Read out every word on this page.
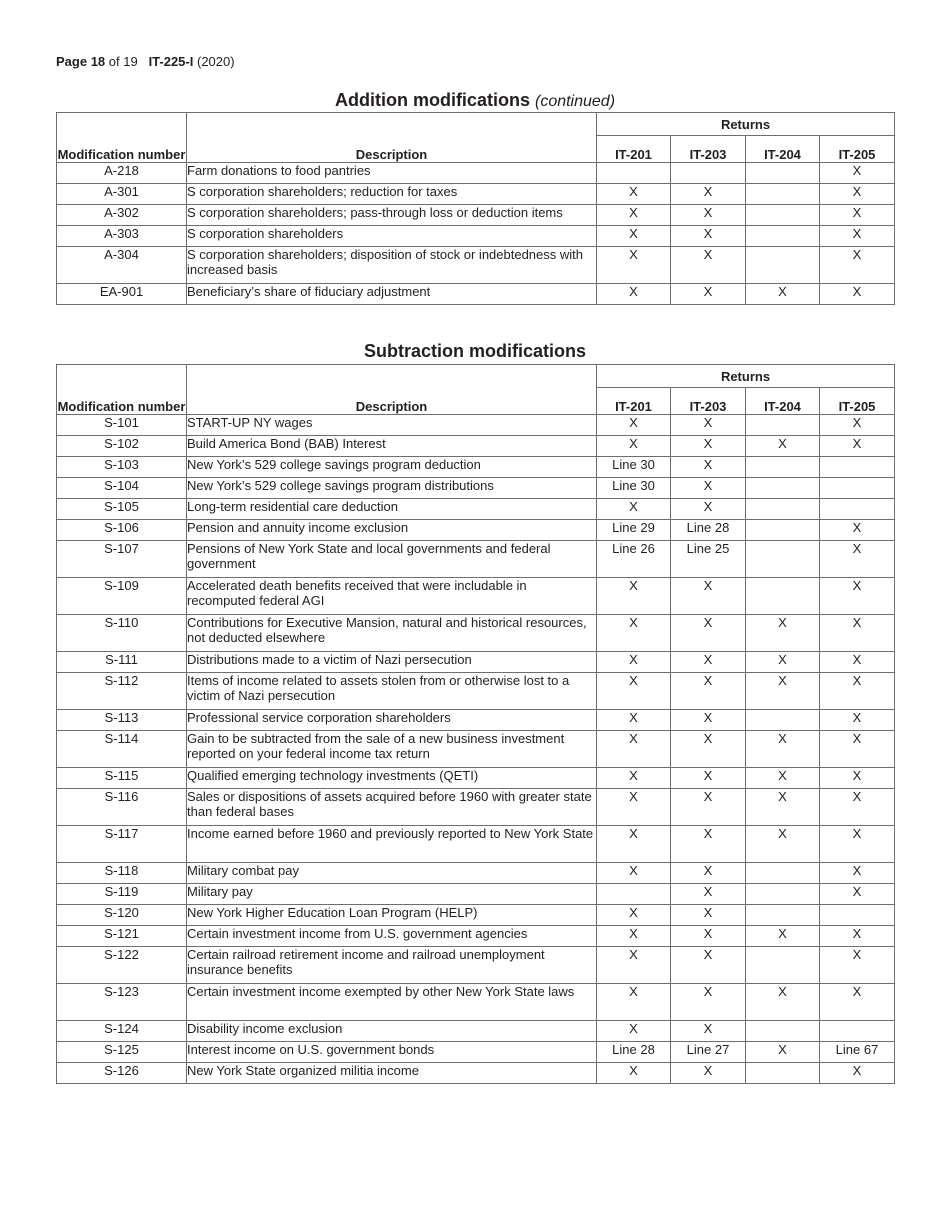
Page 18 of 19 IT-225-I (2020)
Addition modifications (continued)
Modification number	Description	Returns			
		IT-201	IT-203	IT-204	IT-205
A-218	Farm donations to food pantries				X
A-301	S corporation shareholders; reduction for taxes	X	X		X
A-302	S corporation shareholders; pass-through loss or deduction items	X	X		X
A-303	S corporation shareholders	X	X		X
A-304	S corporation shareholders; disposition of stock or indebtedness with increased basis	X	X		X
EA-901	Beneficiary’s share of fiduciary adjustment	X	X	X	X
Subtraction modifications
Modification number	Description	Returns			
		IT-201	IT-203	IT-204	IT-205
S-101	START-UP NY wages	X	X		X
S-102	Build America Bond (BAB) Interest	X	X	X	X
S-103	New York’s 529 college savings program deduction	Line 30	X		
S-104	New York’s 529 college savings program distributions	Line 30	X		
S-105	Long-term residential care deduction	X	X		
S-106	Pension and annuity income exclusion	Line 29	Line 28		X
S-107	Pensions of New York State and local governments and federal government	Line 26	Line 25		X
S-109	Accelerated death benefits received that were includable in recomputed federal AGI	X	X		X
S-110	Contributions for Executive Mansion, natural and historical resources, not deducted elsewhere	X	X	X	X
S-111	Distributions made to a victim of Nazi persecution	X	X	X	X
S-112	Items of income related to assets stolen from or otherwise lost to a victim of Nazi persecution	X	X	X	X
S-113	Professional service corporation shareholders	X	X		X
S-114	Gain to be subtracted from the sale of a new business investment reported on your federal income tax return	X	X	X	X
S-115	Qualified emerging technology investments (QETI)	X	X	X	X
S-116	Sales or dispositions of assets acquired before 1960 with greater state than federal bases	X	X	X	X
S-117	Income earned before 1960 and previously reported to New York State	X	X	X	X
S-118	Military combat pay	X	X		X
S-119	Military pay		X		X
S-120	New York Higher Education Loan Program (HELP)	X	X		
S-121	Certain investment income from U.S. government agencies	X	X	X	X
S-122	Certain railroad retirement income and railroad unemployment insurance benefits	X	X		X
S-123	Certain investment income exempted by other New York State laws	X	X	X	X
S-124	Disability income exclusion	X	X		
S-125	Interest income on U.S. government bonds	Line 28	Line 27	X	Line 67
S-126	New York State organized militia income	X	X		X
